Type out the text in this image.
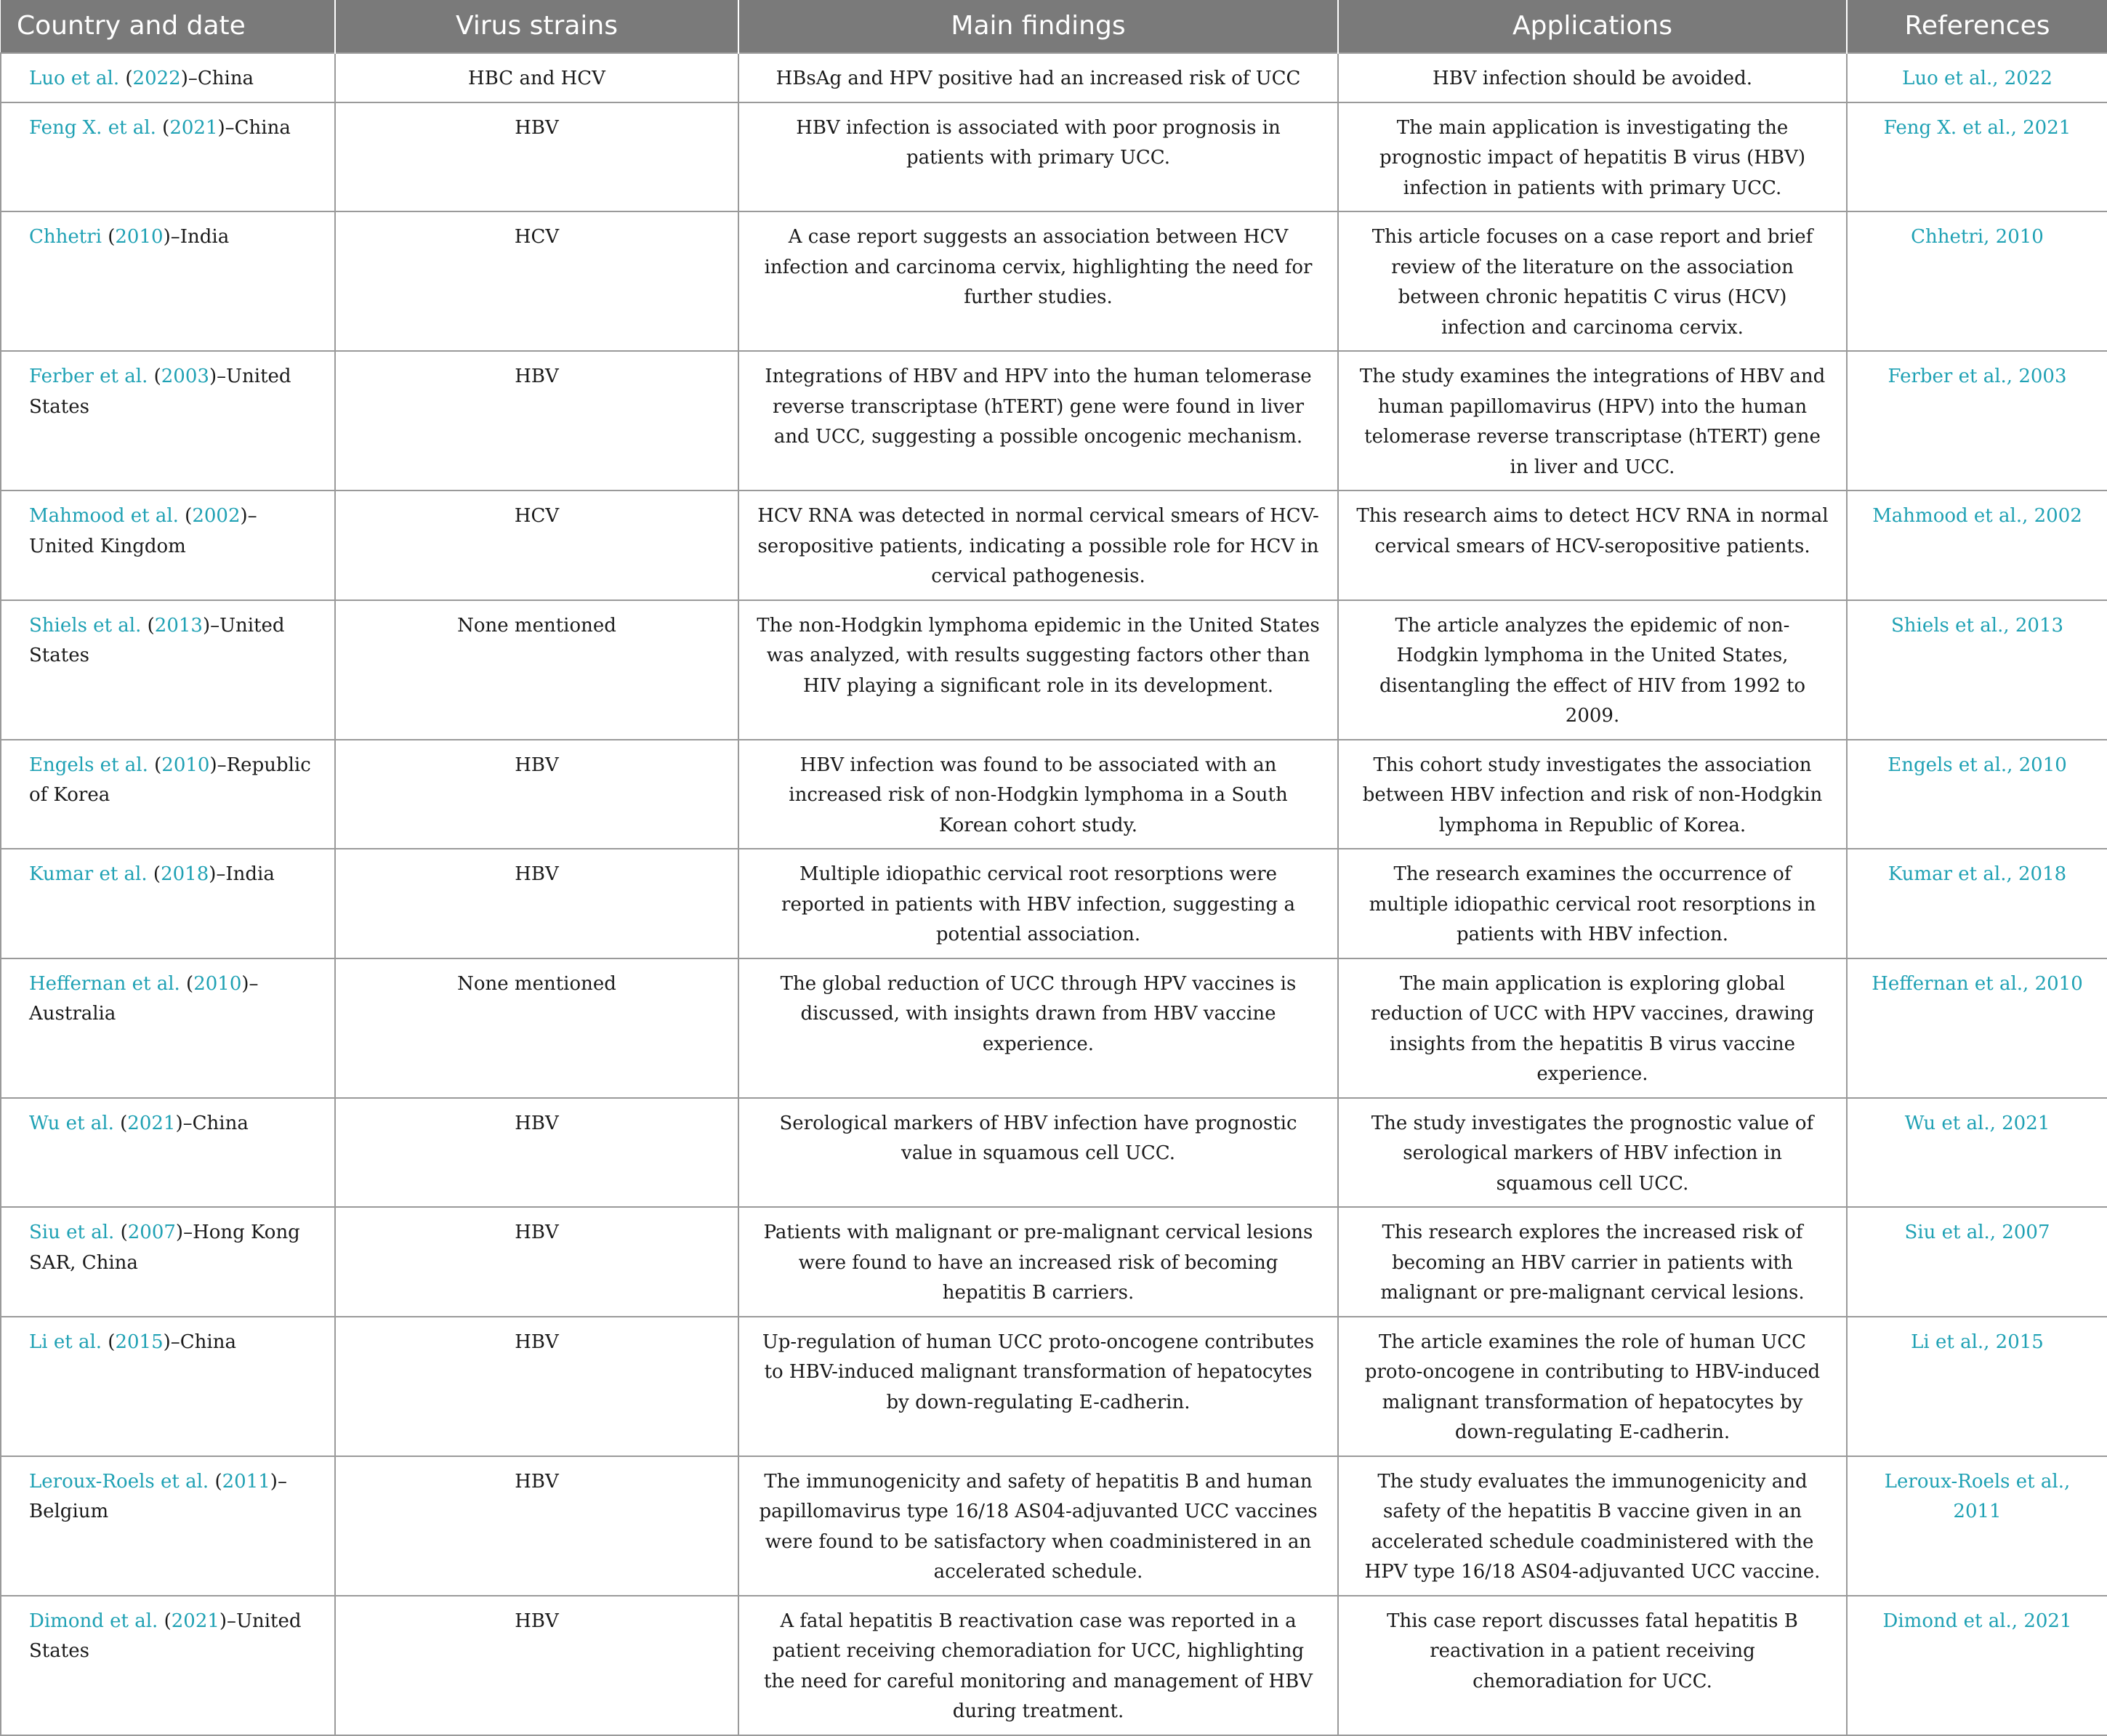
Country and date	Virus strains	Main findings	Applications	References
Luo et al. (2022)–China	HBC and HCV	HBsAg and HPV positive had an increased risk of UCC	HBV infection should be avoided.	Luo et al., 2022
Feng X. et al. (2021)–China	HBV	HBV infection is associated with poor prognosis in patients with primary UCC.	The main application is investigating the prognostic impact of hepatitis B virus (HBV) infection in patients with primary UCC.	Feng X. et al., 2021
Chhetri (2010)–India	HCV	A case report suggests an association between HCV infection and carcinoma cervix, highlighting the need for further studies.	This article focuses on a case report and brief review of the literature on the association between chronic hepatitis C virus (HCV) infection and carcinoma cervix.	Chhetri, 2010
Ferber et al. (2003)–United States	HBV	Integrations of HBV and HPV into the human telomerase reverse transcriptase (hTERT) gene were found in liver and UCC, suggesting a possible oncogenic mechanism.	The study examines the integrations of HBV and human papillomavirus (HPV) into the human telomerase reverse transcriptase (hTERT) gene in liver and UCC.	Ferber et al., 2003
Mahmood et al. (2002)–United Kingdom	HCV	HCV RNA was detected in normal cervical smears of HCV-seropositive patients, indicating a possible role for HCV in cervical pathogenesis.	This research aims to detect HCV RNA in normal cervical smears of HCV-seropositive patients.	Mahmood et al., 2002
Shiels et al. (2013)–United States	None mentioned	The non-Hodgkin lymphoma epidemic in the United States was analyzed, with results suggesting factors other than HIV playing a significant role in its development.	The article analyzes the epidemic of non-Hodgkin lymphoma in the United States, disentangling the effect of HIV from 1992 to 2009.	Shiels et al., 2013
Engels et al. (2010)–Republic of Korea	HBV	HBV infection was found to be associated with an increased risk of non-Hodgkin lymphoma in a South Korean cohort study.	This cohort study investigates the association between HBV infection and risk of non-Hodgkin lymphoma in Republic of Korea.	Engels et al., 2010
Kumar et al. (2018)–India	HBV	Multiple idiopathic cervical root resorptions were reported in patients with HBV infection, suggesting a potential association.	The research examines the occurrence of multiple idiopathic cervical root resorptions in patients with HBV infection.	Kumar et al., 2018
Heffernan et al. (2010)–Australia	None mentioned	The global reduction of UCC through HPV vaccines is discussed, with insights drawn from HBV vaccine experience.	The main application is exploring global reduction of UCC with HPV vaccines, drawing insights from the hepatitis B virus vaccine experience.	Heffernan et al., 2010
Wu et al. (2021)–China	HBV	Serological markers of HBV infection have prognostic value in squamous cell UCC.	The study investigates the prognostic value of serological markers of HBV infection in squamous cell UCC.	Wu et al., 2021
Siu et al. (2007)–Hong Kong SAR, China	HBV	Patients with malignant or pre-malignant cervical lesions were found to have an increased risk of becoming hepatitis B carriers.	This research explores the increased risk of becoming an HBV carrier in patients with malignant or pre-malignant cervical lesions.	Siu et al., 2007
Li et al. (2015)–China	HBV	Up-regulation of human UCC proto-oncogene contributes to HBV-induced malignant transformation of hepatocytes by down-regulating E-cadherin.	The article examines the role of human UCC proto-oncogene in contributing to HBV-induced malignant transformation of hepatocytes by down-regulating E-cadherin.	Li et al., 2015
Leroux-Roels et al. (2011)–Belgium	HBV	The immunogenicity and safety of hepatitis B and human papillomavirus type 16/18 AS04-adjuvanted UCC vaccines were found to be satisfactory when coadministered in an accelerated schedule.	The study evaluates the immunogenicity and safety of the hepatitis B vaccine given in an accelerated schedule coadministered with the HPV type 16/18 AS04-adjuvanted UCC vaccine.	Leroux-Roels et al., 2011
Dimond et al. (2021)–United States	HBV	A fatal hepatitis B reactivation case was reported in a patient receiving chemoradiation for UCC, highlighting the need for careful monitoring and management of HBV during treatment.	This case report discusses fatal hepatitis B reactivation in a patient receiving chemoradiation for UCC.	Dimond et al., 2021
